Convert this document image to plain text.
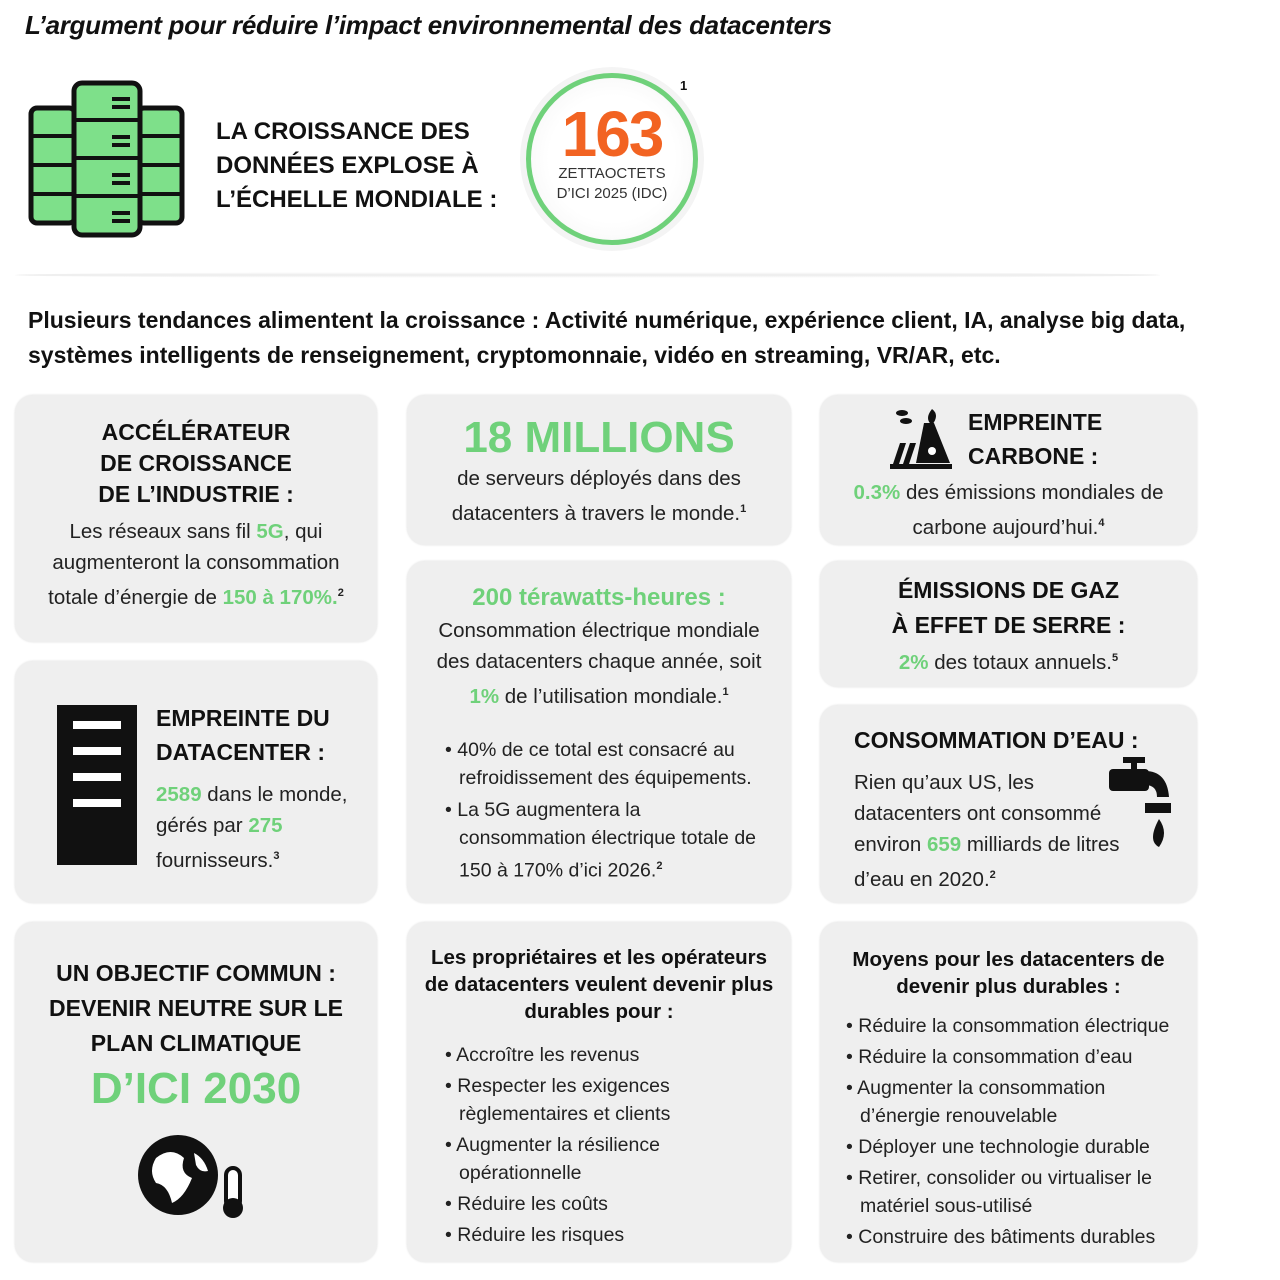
L’argument pour réduire l’impact environnemental des datacenters
LA CROISSANCE DES
DONNÉES EXPLOSE À
L’ÉCHELLE MONDIALE :
163
ZETTAOCTETS
D’ICI 2025 (IDC)
1
Plusieurs tendances alimentent la croissance : Activité numérique, expérience client, IA, analyse big data, systèmes intelligents de renseignement, cryptomonnaie, vidéo en streaming, VR/AR, etc.
ACCÉLÉRATEUR
DE CROISSANCE
DE L’INDUSTRIE :
Les réseaux sans fil 5G, qui augmenteront la consommation totale d’énergie de 150 à 170%.$^2$
EMPREINTE DU
DATACENTER :
2589 dans le monde, gérés par 275 fournisseurs.$^3$
UN OBJECTIF COMMUN :
DEVENIR NEUTRE SUR LE
PLAN CLIMATIQUE
D’ICI 2030
18 MILLIONS
de serveurs déployés dans des datacenters à travers le monde.$^1$
200 térawatts-heures :
Consommation électrique mondiale des datacenters chaque année, soit 1% de l’utilisation mondiale.$^1$
• 40% de ce total est consacré au refroidissement des équipements.
• La 5G augmentera la consommation électrique totale de 150 à 170% d’ici 2026.$^2$
Les propriétaires et les opérateurs de datacenters veulent devenir plus durables pour :
• Accroître les revenus
• Respecter les exigences règlementaires et clients
• Augmenter la résilience opérationnelle
• Réduire les coûts
• Réduire les risques
EMPREINTE
CARBONE :
0.3% des émissions mondiales de carbone aujourd’hui.$^4$
ÉMISSIONS DE GAZ
À EFFET DE SERRE :
2% des totaux annuels.$^5$
CONSOMMATION D’EAU :
Rien qu’aux US, les datacenters ont consommé environ 659 milliards de litres d’eau en 2020.$^2$
Moyens pour les datacenters de devenir plus durables :
• Réduire la consommation électrique
• Réduire la consommation d’eau
• Augmenter la consommation d’énergie renouvelable
• Déployer une technologie durable
• Retirer, consolider ou virtualiser le matériel sous-utilisé
• Construire des bâtiments durables
